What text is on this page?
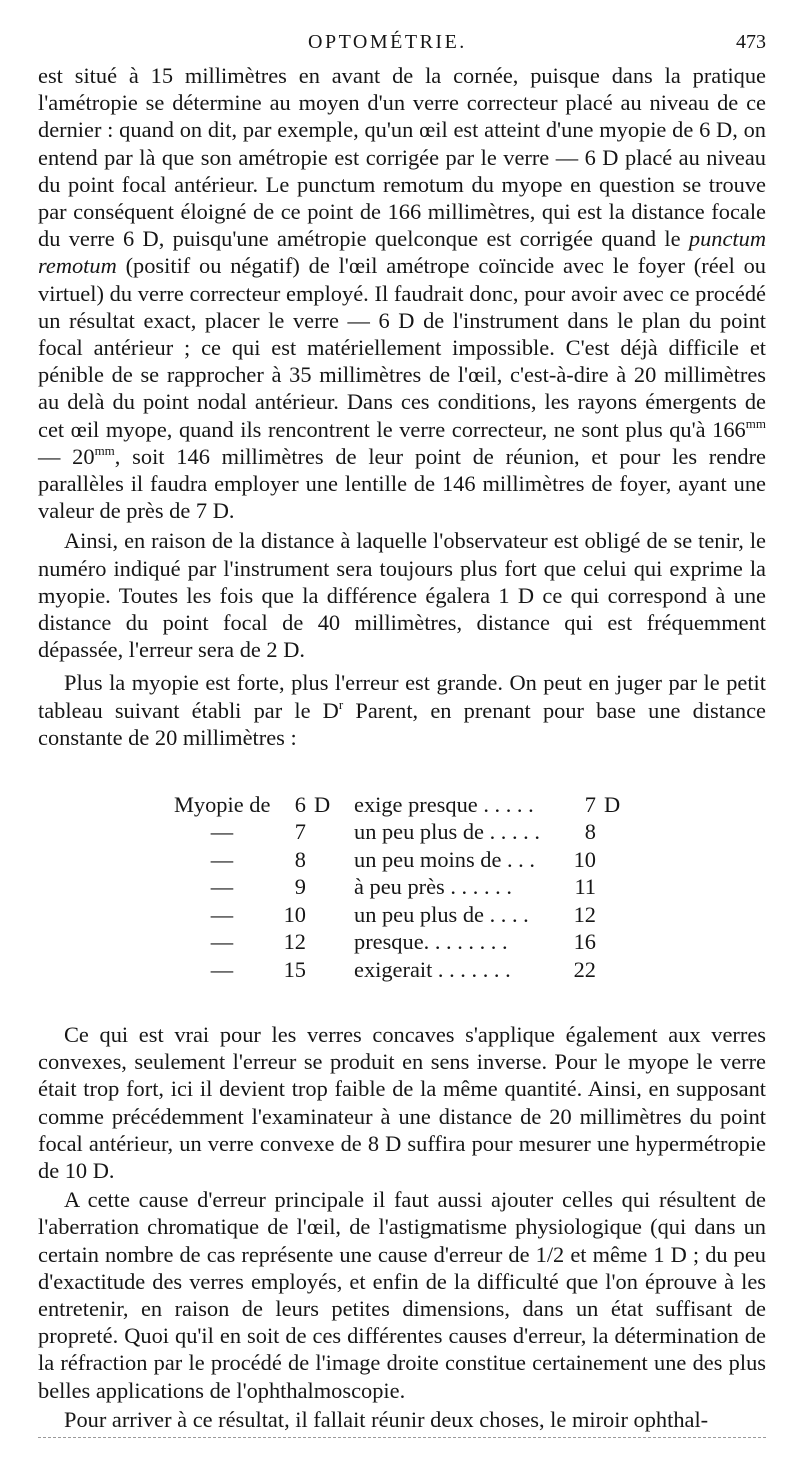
OPTOMÉTRIE.	473

est situé à 15 millimètres en avant de la cornée, puisque dans la pratique l'amétropie se détermine au moyen d'un verre correcteur placé au niveau de ce dernier : quand on dit, par exemple, qu'un œil est atteint d'une myopie de 6 D, on entend par là que son amétropie est corrigée par le verre — 6 D placé au niveau du point focal antérieur. Le punctum remotum du myope en question se trouve par conséquent éloigné de ce point de 166 millimètres, qui est la distance focale du verre 6 D, puisqu'une amétropie quelconque est corrigée quand le punctum remotum (positif ou négatif) de l'œil amétrope coïncide avec le foyer (réel ou virtuel) du verre correcteur employé. Il faudrait donc, pour avoir avec ce procédé un résultat exact, placer le verre — 6 D de l'instrument dans le plan du point focal antérieur ; ce qui est matériellement impossible. C'est déjà difficile et pénible de se rapprocher à 35 millimètres de l'œil, c'est-à-dire à 20 millimètres au delà du point nodal antérieur. Dans ces conditions, les rayons émergents de cet œil myope, quand ils rencontrent le verre correcteur, ne sont plus qu'à $166^{mm}$ — $20^{mm}$, soit 146 millimètres de leur point de réunion, et pour les rendre parallèles il faudra employer une lentille de 146 millimètres de foyer, ayant une valeur de près de 7 D.

Ainsi, en raison de la distance à laquelle l'observateur est obligé de se tenir, le numéro indiqué par l'instrument sera toujours plus fort que celui qui exprime la myopie. Toutes les fois que la différence égalera 1 D ce qui correspond à une distance du point focal de 40 millimètres, distance qui est fréquemment dépassée, l'erreur sera de 2 D.

Plus la myopie est forte, plus l'erreur est grande. On peut en juger par le petit tableau suivant établi par le $D^r$ Parent, en prenant pour base une distance constante de 20 millimètres :

Myopie de	6 D	exige presque . . . . .	7 D
—	7 un peu plus de . . . . .	8
—	8 un peu moins de . . .	10
—	9 à peu près . . . . . .	11
—	10 un peu plus de . . . .	12
—	12 presque. . . . . . . .	16
—	15 exigerait . . . . . . .	22

Ce qui est vrai pour les verres concaves s'applique également aux verres convexes, seulement l'erreur se produit en sens inverse. Pour le myope le verre était trop fort, ici il devient trop faible de la même quantité. Ainsi, en supposant comme précédemment l'examinateur à une distance de 20 millimètres du point focal antérieur, un verre convexe de 8 D suffira pour mesurer une hypermétropie de 10 D.

A cette cause d'erreur principale il faut aussi ajouter celles qui résultent de l'aberration chromatique de l'œil, de l'astigmatisme physiologique (qui dans un certain nombre de cas représente une cause d'erreur de 1/2 et même 1 D ; du peu d'exactitude des verres employés, et enfin de la difficulté que l'on éprouve à les entretenir, en raison de leurs petites dimensions, dans un état suffisant de propreté. Quoi qu'il en soit de ces différentes causes d'erreur, la détermination de la réfraction par le procédé de l'image droite constitue certainement une des plus belles applications de l'ophthalmoscopie.

Pour arriver à ce résultat, il fallait réunir deux choses, le miroir ophthal-
